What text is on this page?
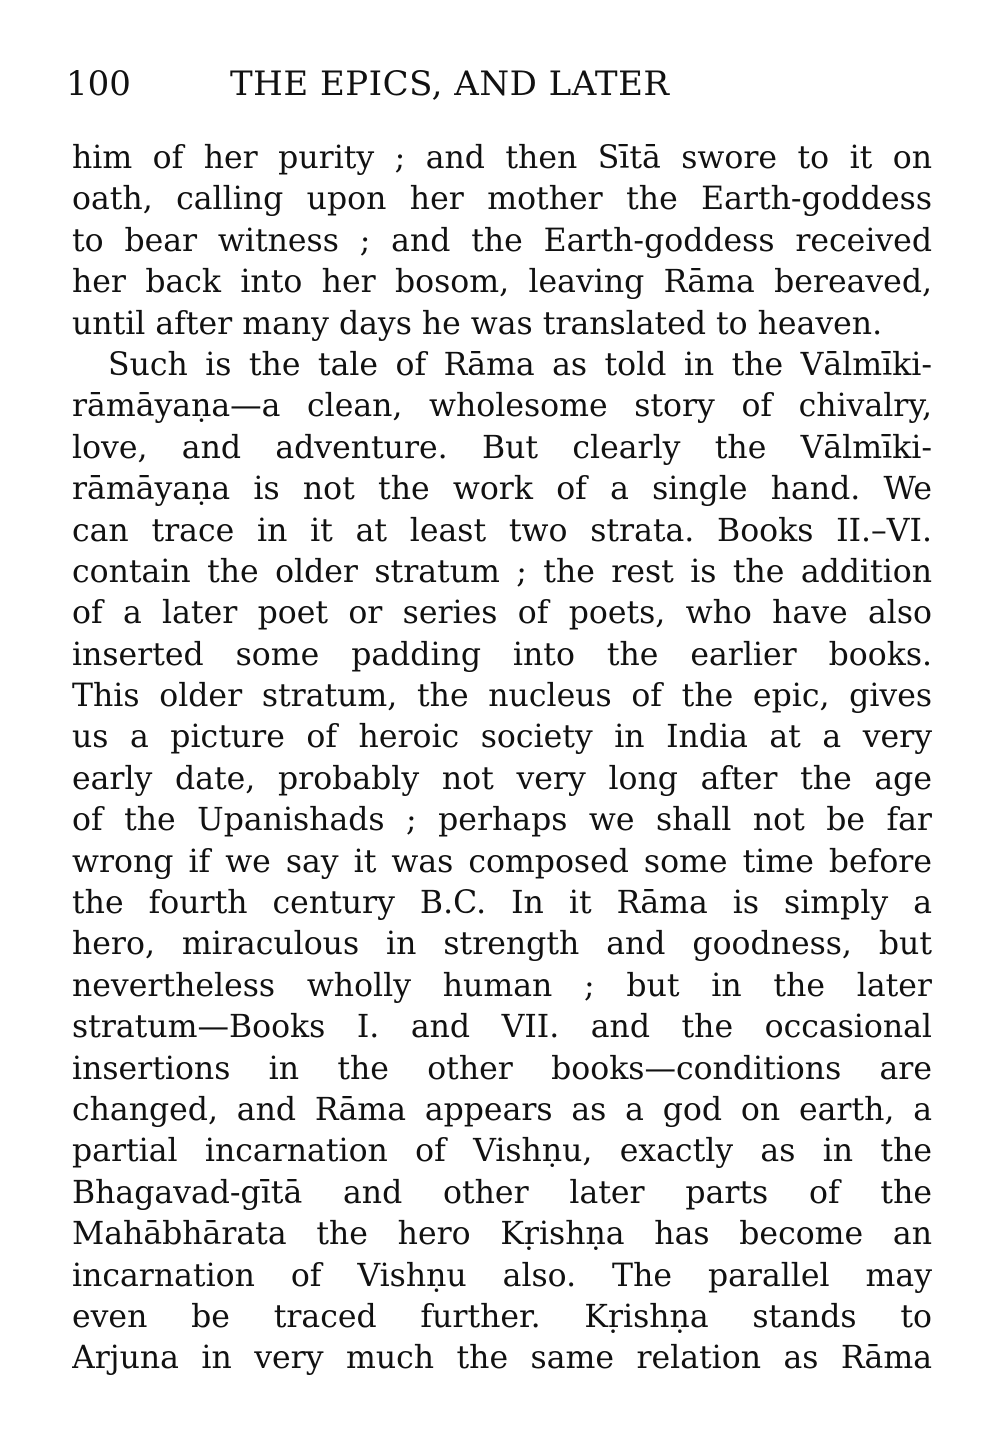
100	THE EPICS, AND LATER
him of her purity ; and then Sītā swore to it on
oath, calling upon her mother the Earth-goddess
to bear witness ; and the Earth-goddess received
her back into her bosom, leaving Rāma bereaved,
until after many days he was translated to heaven.
Such is the tale of Rāma as told in the Vālmīki-
rāmāyaṇa—a clean, wholesome story of chivalry,
love, and adventure. But clearly the Vālmīki-
rāmāyaṇa is not the work of a single hand. We
can trace in it at least two strata. Books II.–VI.
contain the older stratum ; the rest is the addition
of a later poet or series of poets, who have also
inserted some padding into the earlier books.
This older stratum, the nucleus of the epic, gives
us a picture of heroic society in India at a very
early date, probably not very long after the age
of the Upanishads ; perhaps we shall not be far
wrong if we say it was composed some time before
the fourth century B.C. In it Rāma is simply a
hero, miraculous in strength and goodness, but
nevertheless wholly human ; but in the later
stratum—Books I. and VII. and the occasional
insertions in the other books—conditions are
changed, and Rāma appears as a god on earth, a
partial incarnation of Vishṇu, exactly as in the
Bhagavad-gītā and other later parts of the
Mahābhārata the hero Kṛishṇa has become an
incarnation of Vishṇu also. The parallel may
even be traced further. Kṛishṇa stands to
Arjuna in very much the same relation as Rāma
